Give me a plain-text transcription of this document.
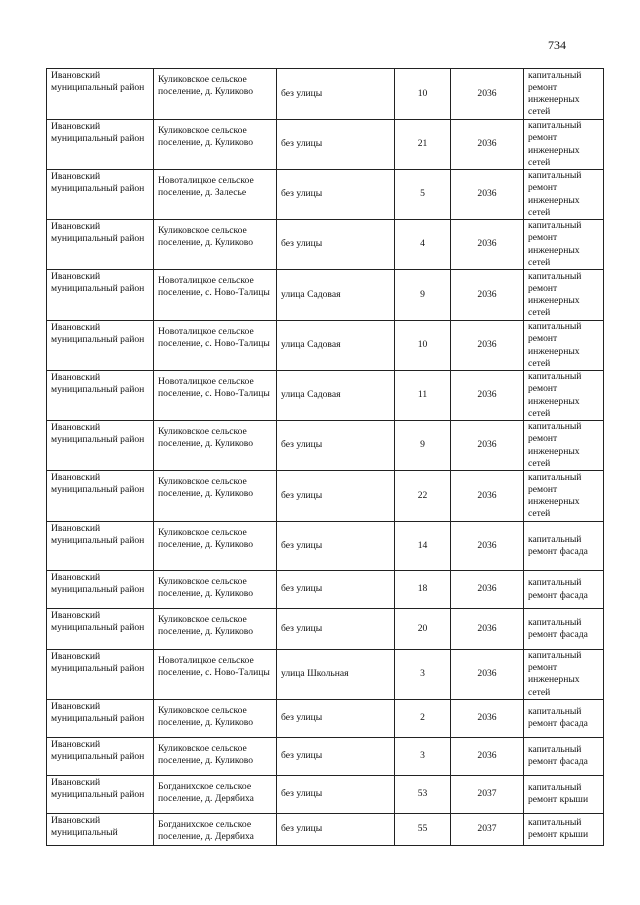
734
Ивановский муниципальный район	Куликовское сельское поселение, д. Куликово	без улицы	10	2036	капитальный ремонт инженерных сетей
Ивановский муниципальный район	Куликовское сельское поселение, д. Куликово	без улицы	21	2036	капитальный ремонт инженерных сетей
Ивановский муниципальный район	Новоталицкое сельское поселение, д. Залесье	без улицы	5	2036	капитальный ремонт инженерных сетей
Ивановский муниципальный район	Куликовское сельское поселение, д. Куликово	без улицы	4	2036	капитальный ремонт инженерных сетей
Ивановский муниципальный район	Новоталицкое сельское поселение, с. Ново-Талицы	улица Садовая	9	2036	капитальный ремонт инженерных сетей
Ивановский муниципальный район	Новоталицкое сельское поселение, с. Ново-Талицы	улица Садовая	10	2036	капитальный ремонт инженерных сетей
Ивановский муниципальный район	Новоталицкое сельское поселение, с. Ново-Талицы	улица Садовая	11	2036	капитальный ремонт инженерных сетей
Ивановский муниципальный район	Куликовское сельское поселение, д. Куликово	без улицы	9	2036	капитальный ремонт инженерных сетей
Ивановский муниципальный район	Куликовское сельское поселение, д. Куликово	без улицы	22	2036	капитальный ремонт инженерных сетей
Ивановский муниципальный район	Куликовское сельское поселение, д. Куликово	без улицы	14	2036	капитальный ремонт фасада
Ивановский муниципальный район	Куликовское сельское поселение, д. Куликово	без улицы	18	2036	капитальный ремонт фасада
Ивановский муниципальный район	Куликовское сельское поселение, д. Куликово	без улицы	20	2036	капитальный ремонт фасада
Ивановский муниципальный район	Новоталицкое сельское поселение, с. Ново-Талицы	улица Школьная	3	2036	капитальный ремонт инженерных сетей
Ивановский муниципальный район	Куликовское сельское поселение, д. Куликово	без улицы	2	2036	капитальный ремонт фасада
Ивановский муниципальный район	Куликовское сельское поселение, д. Куликово	без улицы	3	2036	капитальный ремонт фасада
Ивановский муниципальный район	Богданихское сельское поселение, д. Дерябиха	без улицы	53	2037	капитальный ремонт крыши
Ивановский муниципальный	Богданихское сельское поселение, д. Дерябиха	без улицы	55	2037	капитальный ремонт крыши
